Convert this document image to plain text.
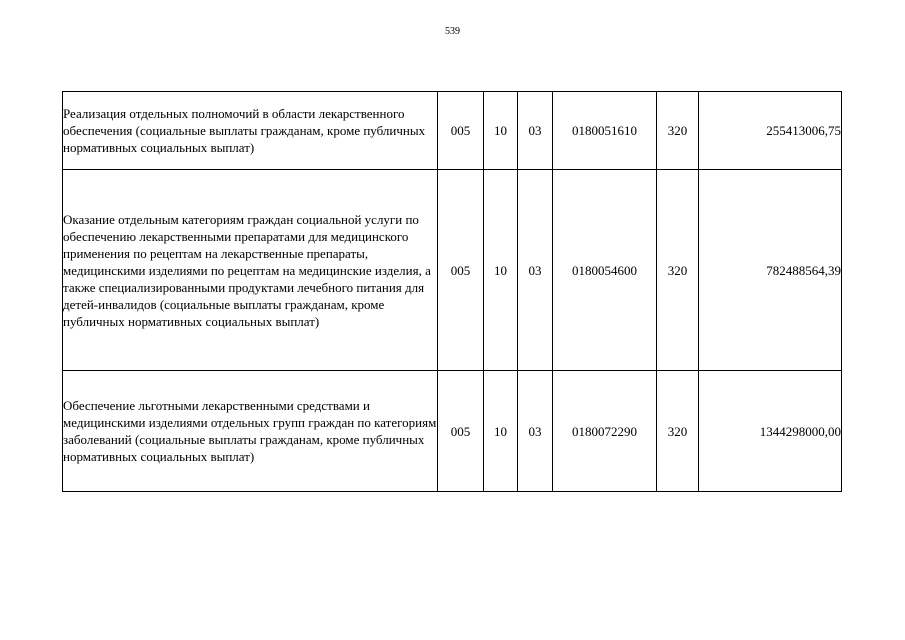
539
Реализация отдельных полномочий в области лекарственного обеспечения (социальные выплаты гражданам, кроме публичных нормативных социальных выплат)	005	10	03	0180051610	320	255413006,75

Оказание отдельным категориям граждан социальной услуги по обеспечению лекарственными препаратами для медицинского применения по рецептам на лекарственные препараты, медицинскими изделиями по рецептам на медицинские изделия, а также специализированными продуктами лечебного питания для детей-инвалидов (социальные выплаты гражданам, кроме публичных нормативных социальных выплат)	005	10	03	0180054600	320	782488564,39

Обеспечение льготными лекарственными средствами и медицинскими изделиями отдельных групп граждан по категориям заболеваний (социальные выплаты гражданам, кроме публичных нормативных социальных выплат)	005	10	03	0180072290	320	1344298000,00
